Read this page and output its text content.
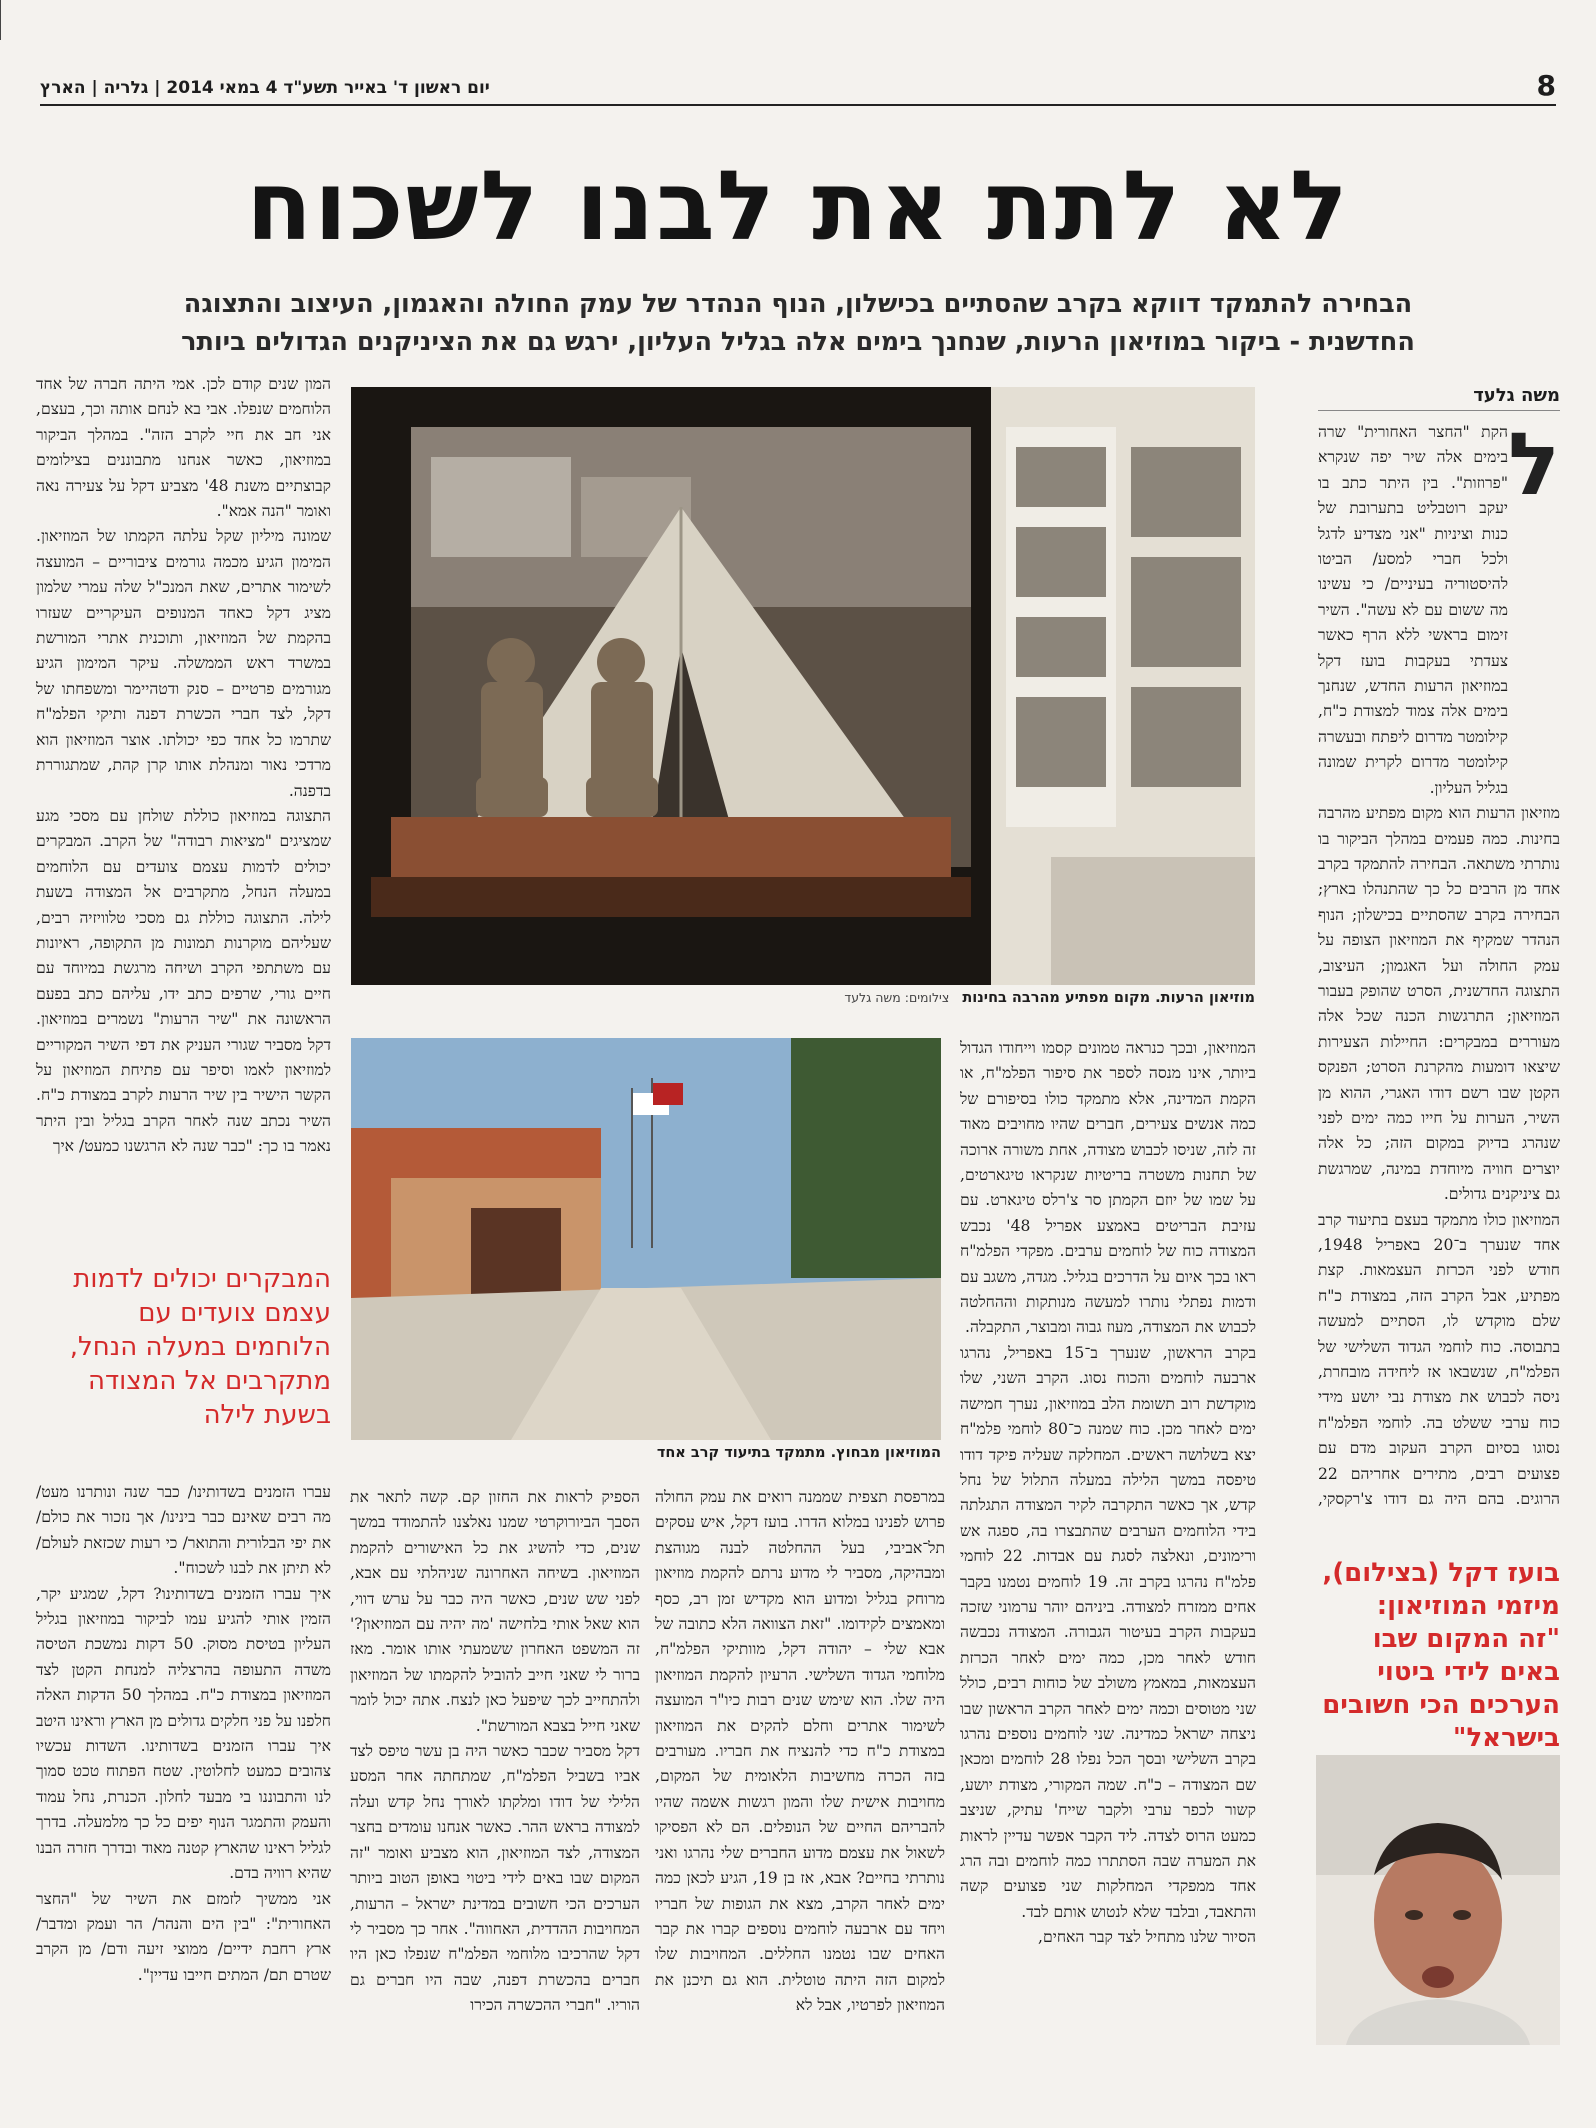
8
יום ראשון ד' באייר תשע"ד 4 במאי 2014 | גלריה | הארץ
לא לתת את לבנו לשכוח
הבחירה להתמקד דווקא בקרב שהסתיים בכישלון, הנוף הנהדר של עמק החולה והאגמון, העיצוב והתצוגה
החדשנית - ביקור במוזיאון הרעות, שנחנך בימים אלה בגליל העליון, ירגש גם את הציניקנים הגדולים ביותר
משה גלעד
ל

הקת "החצר האחורית" שרה בימים אלה שיר יפה שנקרא "פרוזות". בין היתר כתב בו יעקב רוטבליט בתערובת של כנות וציניות "אני מצדיע לדגל ולכל חברי למסע/ הביטו להיסטוריה בעיניים/ כי עשינו מה ששום עם לא עשה". השיר זימום בראשי ללא הרף כאשר צעדתי בעקבות בועז דקל במוזיאון הרעות החדש, שנחנך בימים אלה צמוד למצודת כ"ח, קילומטר מדרום ליפתח ובעשרה קילומטר מדרום לקרית שמונה בגליל העליון.

מוזיאון הרעות הוא מקום מפתיע מהרבה בחינות. כמה פעמים במהלך הביקור בו נותרתי משתאה. הבחירה להתמקד בקרב אחד מן הרבים כל כך שהתנהלו בארץ; הבחירה בקרב שהסתיים בכישלון; הנוף הנהדר שמקיף את המוזיאון הצופה על עמק החולה ועל האגמון; העיצוב, התצוגה החדשנית, הסרט שהופק בעבור המוזיאון; התרגשות הכנה שכל אלה מעוררים במבקרים: החיילות הצעירות שיצאו דומעות מהקרנת הסרט; הפנקס הקטן שבו רשם דודו האגרי, ההוא מן השיר, הערות על חייו כמה ימים לפני שנהרג בדיוק במקום הזה; כל אלה יוצרים חוויה מיוחדת במינה, שמרגשת גם ציניקנים גדולים.

המוזיאון כולו מתמקד בעצם בתיעוד קרב אחד שנערך ב־20 באפריל 1948, חודש לפני הכרזת העצמאות. קצת מפתיע, אבל הקרב הזה, במצודת כ"ח שלם מוקדש לו, הסתיים למעשה בתבוסה. כוח לוחמי הגדוד השלישי של הפלמ"ח, שנשבאו אז ליחידה מובחרת, ניסה לכבוש את מצודת נבי יושע מידי כוח ערבי ששלט בה. לוחמי הפלמ"ח נסוגו בסיום הקרב העקוב מדם עם פצועים רבים, מתירים אחריהם 22 הרוגים. בהם היה גם דודו צ'רקסקי,

בועז דקל (בצילום), מיזמי המוזיאון:
"זה המקום שבו באים לידי ביטוי הערכים הכי חשובים בישראל"
מוזיאון הרעות. מקום מפתיע מהרבה בחינות צילומים: משה גלעד

המוזיאון, ובכך כנראה טמונים קסמו וייחודו הגדול ביותר, אינו מנסה לספר את סיפור הפלמ"ח, או הקמת המדינה, אלא מתמקד כולו בסיפורם של כמה אנשים צעירים, חברים שהיו מחויבים מאוד זה לזה, שניסו לכבוש מצודה, אחת משורה ארוכה של תחנות משטרה בריטיות שנקראו טיגארטים, על שמו של יוזם הקמתן סר צ'רלס טיגארט. עם עזיבת הבריטים באמצע אפריל 48' נכבש המצודה כוח של לוחמים ערבים. מפקדי הפלמ"ח ראו בכך איום על הדרכים בגליל. מגדה, משגב עם ודמות נפתלי נותרו למעשה מנותקות וההחלטה לכבוש את המצודה, מעוז גבוה ומבוצר, התקבלה.

בקרב הראשון, שנערך ב־15 באפריל, נהרגו ארבעה לוחמים והכוח נסוג. הקרב השני, שלו מוקדשת רוב תשומת הלב במוזיאון, נערך חמישה ימים לאחר מכן. כוח שמנה כ־80 לוחמי פלמ"ח יצא בשלושה ראשים. המחלקה שעליה פיקד דודו טיפסה במשך הלילה במעלה התלול של נחל קדש, אך כאשר התקרבה לקיר המצודה התגלתה בידי הלוחמים הערבים שהתבצרו בה, ספגה אש ורימונים, ונאלצה לסגת עם אבדות. 22 לוחמי פלמ"ח נהרגו בקרב זה. 19 לוחמים נטמנו בקבר אחים ממזרח למצודה. ביניהם יוהר ערמוני שזכה בעקבות הקרב בעיטור הגבורה. המצודה נכבשה חודש לאחר מכן, כמה ימים לאחר הכרזת העצמאות, במאמץ משולב של כוחות רבים, כולל שני מטוסים וכמה ימים לאחר הקרב הראשון שבו ניצחה ישראל כמדינה. שני לוחמים נוספים נהרגו בקרב השלישי ובסך הכל נפלו 28 לוחמים ומכאן שם המצודה – כ"ח. שמה המקורי, מצודת יושע, קשור לכפר ערבי ולקבר שייח' עתיק, שניצב כמעט הרוס לצדה. ליד הקבר אפשר עדיין לראות את המערה שבה הסתתרו כמה לוחמים ובה הרג אחד ממפקדי המחלקות שני פצועים קשה והתאבד, ובלבד שלא לנטוש אותם לבד.

הסיור שלנו מתחיל לצד קבר האחים,

המוזיאון מבחוץ. מתמקד בתיעוד קרב אחד

במרפסת תצפית שממנה רואים את עמק החולה פרוש לפנינו במלוא הדרו. בועז דקל, איש עסקים תל־אביבי, בעל ההחלטה לבנה מגוהצת ומבהיקה, מסביר לי מדוע נרתם להקמת מוזיאון מרוחק בגליל ומדוע הוא מקדיש זמן רב, כסף ומאמצים לקידומו. "זאת הצוואה הלא כתובה של אבא שלי – יהודה דקל, מוותיקי הפלמ"ח, מלוחמי הגדוד השלישי. הרעיון להקמת המוזיאון היה שלו. הוא שימש שנים רבות כיו"ר המועצה לשימור אתרים וחלם להקים את המוזיאון במצודת כ"ח כדי להנציח את חבריו. מעורבים בזה הכרה מחשיבות הלאומית של המקום, מחויבות אישית שלו והמון רגשות אשמה שהיו להבריהם החיים של הנופלים. הם לא הפסיקו לשאול את עצמם מדוע החברים שלי נהרגו ואני נותרתי בחיים? אבא, אז בן 19, הגיע לכאן כמה ימים לאחר הקרב, מצא את הגופות של חבריו ויחד עם ארבעה לוחמים נוספים קברו את קבר האחים שבו נטמנו החללים. המחויבות שלו למקום הזה היתה טוטלית. הוא גם תיכנן את המוזיאון לפרטיו, אבל לא

הספיק לראות את החזון קם. קשה לתאר את הסבך הביורוקרטי שמנו נאלצנו להתמודד במשך שנים, כדי להשיג את כל האישורים להקמת המוזיאון. בשיחה האחרונה שניהלתי עם אבא, לפני שש שנים, כאשר היה כבר על ערש דווי, הוא שאל אותי בלחישה 'מה יהיה עם המוזיאון?' זה המשפט האחרון ששמעתי אותו אומר. מאז ברור לי שאני חייב להוביל להקמתו של המוזיאון ולהתחייב לכך שיפעל כאן לנצח. אתה יכול לומר שאני חייל בצבא המורשת".

דקל מסביר שכבר כאשר היה בן עשר טיפס לצד אביו בשביל הפלמ"ח, שמתחתה אחר המסע הלילי של דודו ומלקתו לאורך נחל קדש ועלה למצודה בראש ההר. כאשר אנחנו עומדים בחצר המצודה, לצד המוזיאון, הוא מצביע ואומר "זה המקום שבו באים לידי ביטוי באופן הטוב ביותר הערכים הכי חשובים במדינת ישראל – הרעות, המחויבות ההדדית, האחווה". אחר כך מסביר לי דקל שהרכיבו מלוחמי הפלמ"ח שנפלו כאן היו חברים בהכשרת דפנה, שבה היו חברים גם הוריו. "חברי ההכשרה הכירו

המון שנים קודם לכן. אמי היתה חברה של אחד הלוחמים שנפלו. אבי בא לנחם אותה וכך, בעצם, אני חב את חיי לקרב הזה". במהלך הביקור במוזיאון, כאשר אנחנו מתבוננים בצילומים קבוצתיים משנת 48' מצביע דקל על צעירה נאה ואומר "הנה אמא".

שמונה מיליון שקל עלתה הקמתו של המוזיאון. המימון הגיע מכמה גורמים ציבוריים – המועצה לשימור אתרים, שאת המנכ"ל שלה עמרי שלמון מציג דקל כאחד המנופים העיקריים שעזרו בהקמת של המוזיאון, ותוכנית אתרי המורשת במשרד ראש הממשלה. עיקר המימון הגיע מגורמים פרטיים – סנק ודטהיימר ומשפחתו של דקל, לצד חברי הכשרת דפנה ותיקי הפלמ"ח שתרמו כל אחד כפי יכולתו. אוצר המוזיאון הוא מרדכי נאור ומנהלת אותו קרן קהת, שמתגוררת בדפנה.

התצוגה במוזיאון כוללת שולחן עם מסכי מגע שמציגים "מציאות רבודה" של הקרב. המבקרים יכולים לדמות עצמם צועדים עם הלוחמים במעלה הנחל, מתקרבים אל המצודה בשעת לילה. התצוגה כוללת גם מסכי טלוויזיה רבים, שעליהם מוקרנות תמונות מן התקופה, ראיונות עם משתתפי הקרב ושיחה מרגשת במיוחד עם חיים גורי, שרפים כתב ידו, עליהם כתב בפעם הראשונה את "שיר הרעות" נשמרים במוזיאון. דקל מסביר שגורי העניק את דפי השיר המקוריים למוזיאון לאמו וסיפר עם פתיחת המוזיאון על הקשר הישיר בין שיר הרעות לקרב במצודת כ"ח. השיר נכתב שנה לאחר הקרב בגליל ובין היתר נאמר בו כך: "כבר שנה לא הרגשנו כמעט/ איך

המבקרים יכולים לדמות עצמם צועדים עם הלוחמים במעלה הנחל, מתקרבים אל המצודה בשעת לילה

עברו הזמנים בשדותינו/ כבר שנה ונותרנו מעט/ מה רבים שאינם כבר בינינו/ אך נזכור את כולם/ את יפי הבלורית והתואר/ כי רעות שכזאת לעולם/ לא תיתן את לבנו לשכוח".

איך עברו הזמנים בשדותינו? דקל, שמגיע יקר, הזמין אותי להגיע עמו לביקור במוזיאון בגליל העליון בטיסת מסוק. 50 דקות נמשכת הטיסה משדה התעופה בהרצליה למנחת הקטן לצד המוזיאון במצודת כ"ח. במהלך 50 הדקות האלה חלפנו על פני חלקים גדולים מן הארץ וראינו היטב איך עברו הזמנים בשדותינו. השדות עכשיו צהובים כמעט לחלוטין. שטח הפתוח טכט סמוך לנו והתבוננו בי מבעד לחלון. הכנרת, נחל עמוד והעמק והתמגר הנוף יפים כל כך מלמעלה. בדרך לגליל ראינו שהארץ קטנה מאוד ובדרך חזרה הבנו שהיא רוויה בדם.

אני ממשיך לזמזם את השיר של "החצר האחורית": "בין הים והנהר/ הר ועמק ומדבר/ ארץ רחבת ידיים/ ממוצי זיעה ודם/ מן הקרב שטרם תם/ המתים חייבו עדיין".
